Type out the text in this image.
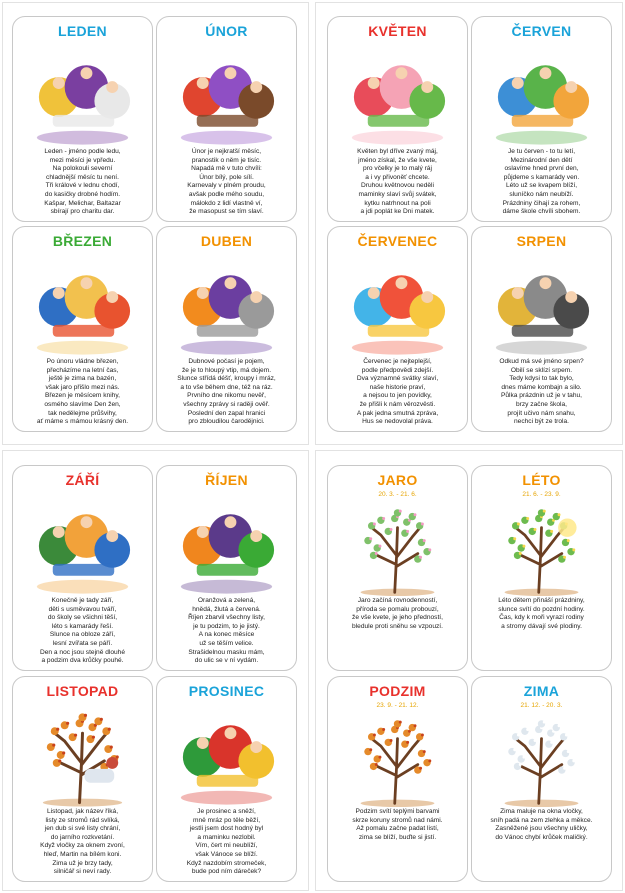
LEDEN
Leden - jméno podle ledu,
mezi měsíci je vpředu.
Na polokouli severní
chladnější měsíc tu není.
Tři králové v lednu chodí,
do kasičky drobné hodím.
Kašpar, Melichar, Baltazar
sbírají pro charitu dar.
ÚNOR
Únor je nejkratší měsíc,
pranostik o něm je tisíc.
Napadá mě v tuto chvíli:
Únor bílý, pole sílí.
Karnevaly v plném proudu,
avšak podle mého soudu,
málokdo z lidí vlastně ví,
že masopust se tím slaví.
KVĚTEN
Květen byl dříve zvaný máj,
jméno získal, že vše kvete,
pro včelky je to malý ráj
a i vy přivoněť chcete.
Druhou květnovou neděli
maminky slaví svůj svátek,
kytku natrhnout na poli
a jdi poplát ke Dni matek.
ČERVEN
Je tu červen - to tu letí,
Mezinárodní den dětí
oslavíme hned první den,
půjdeme s kamarády ven.
Léto už se kvapem blíží,
sluníčko nám neubíží.
Prázdniny čihají za rohem,
dáme škole chvíli sbohem.
BŘEZEN
Po únoru vládne březen,
přecházíme na letní čas,
ještě je zima na bazén,
však jaro přišlo mezi nás.
Březen je měsícem knihy,
osmého slavíme Den žen,
tak nedělejme průšvihy,
ať máme s mámou krásný den.
DUBEN
Dubnové počasí je pojem,
že je to hloupý vtip, má dojem.
Slunce střídá déšť, kroupy i mráz,
a to vše během dne, též na ráz.
Prvního dne nikomu nevěř,
všechny zprávy si raději ověř.
Poslední den zapal hranici
pro zbloudilou čarodějnici.
ČERVENEC
Červenec je nejteplejší,
podle předpovědi zdejší.
Dva významné svátky slaví,
naše historie praví,
a nejsou to jen povídky,
že přišli k nám věrozvěsti.
A pak jedna smutná zpráva,
Hus se nedovolal práva.
SRPEN
Odkud má své jméno srpen?
Obilí se sklízí srpem.
Tedy kdysi to tak bylo,
dnes máme kombajn a silo.
Půlka prázdnin už je v tahu,
brzy začne škola,
projít učivo nám snahu,
nechci být ze trola.
ZÁŘÍ
Konečně je tady září,
děti s usměvavou tváří,
do školy se všichni těší,
léto s kamarády řeší.
Slunce na obloze září,
lesní zvířata se páří.
Den a noc jsou stejně dlouhé
a podzim dva krůčky pouhé.
ŘÍJEN
Oranžová a zelená,
hnědá, žlutá a červená.
Říjen zbarvil všechny listy,
je tu podzim, to je jistý.
A na konec měsíce
už se těším velice.
Strašidelnou masku mám,
do ulic se v ní vydám.
JARO
20. 3. - 21. 6.
Jaro začíná rovnodenností,
příroda se pomalu probouzí,
že vše kvete, je jeho předností,
bledule proti sněhu se vzpouzí.
LÉTO
21. 6. - 23. 9.
Léto dětem přináší prázdniny,
slunce svítí do pozdní hodiny.
Čas, kdy k moři vyrazí rodiny
a stromy dávají své plodiny.
LISTOPAD
Listopad, jak název říká,
listy ze stromů rád svlíká,
jen dub si své listy chrání,
do jarního rozkvetání.
Když vločky za oknem zvoní,
hleď, Martin na bílém koni.
Zima už je brzy tady,
silničář si neví rady.
PROSINEC
Je prosinec a sněží,
mně mráz po těle běží,
jestli jsem dost hodný byl
a maminku nezlobil.
Vím, čert mi neublíží,
však Vánoce se blíží.
Když nazdobím stromeček,
bude pod ním dáreček?
PODZIM
23. 9. - 21. 12.
Podzim svítí teplými barvami
skrze koruny stromů nad námi.
Až pomalu začne padat listí,
zima se blíží, buďte si jistí.
ZIMA
21. 12. - 20. 3.
Zima maluje na okna vločky,
sníh padá na zem zlehka a měkce.
Zasněžené jsou všechny uličky,
do Vánoc chybí krůček maličký.
